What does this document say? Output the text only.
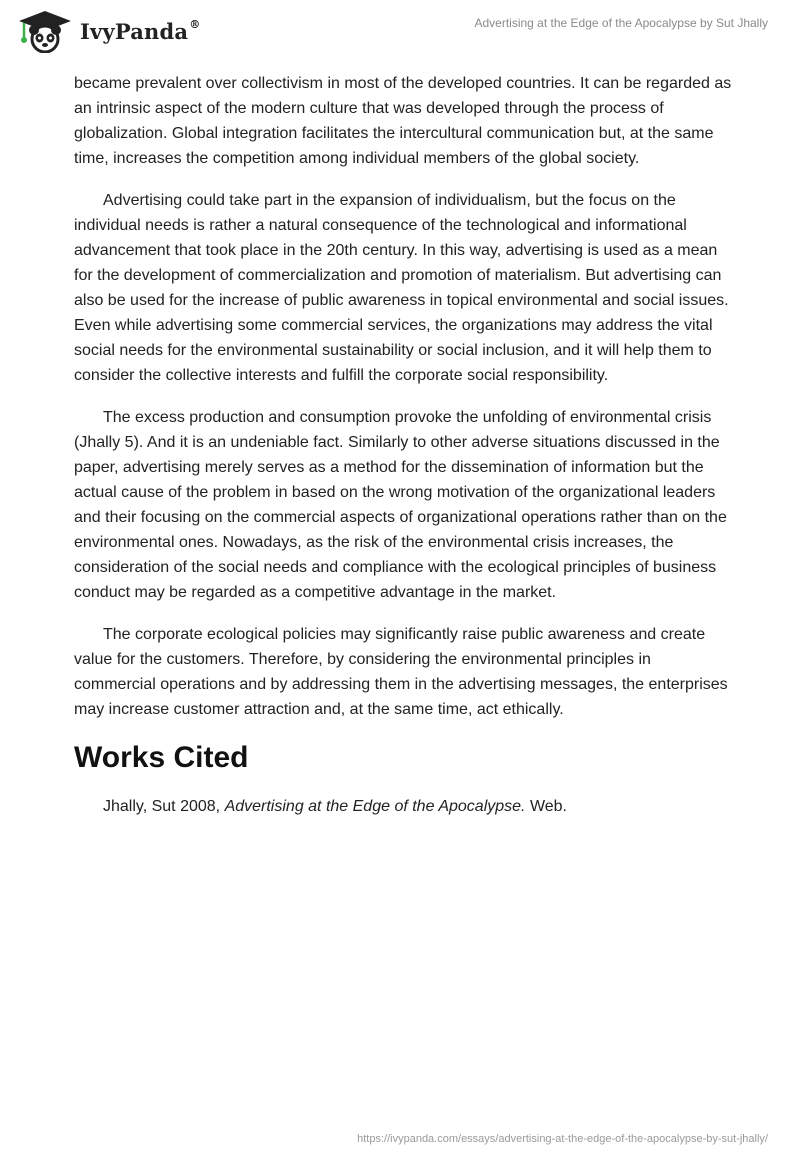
IvyPanda®	Advertising at the Edge of the Apocalypse by Sut Jhally

became prevalent over collectivism in most of the developed countries. It can be regarded as an intrinsic aspect of the modern culture that was developed through the process of globalization. Global integration facilitates the intercultural communication but, at the same time, increases the competition among individual members of the global society.

Advertising could take part in the expansion of individualism, but the focus on the individual needs is rather a natural consequence of the technological and informational advancement that took place in the 20th century. In this way, advertising is used as a mean for the development of commercialization and promotion of materialism. But advertising can also be used for the increase of public awareness in topical environmental and social issues. Even while advertising some commercial services, the organizations may address the vital social needs for the environmental sustainability or social inclusion, and it will help them to consider the collective interests and fulfill the corporate social responsibility.

The excess production and consumption provoke the unfolding of environmental crisis (Jhally 5). And it is an undeniable fact. Similarly to other adverse situations discussed in the paper, advertising merely serves as a method for the dissemination of information but the actual cause of the problem in based on the wrong motivation of the organizational leaders and their focusing on the commercial aspects of organizational operations rather than on the environmental ones. Nowadays, as the risk of the environmental crisis increases, the consideration of the social needs and compliance with the ecological principles of business conduct may be regarded as a competitive advantage in the market.

The corporate ecological policies may significantly raise public awareness and create value for the customers. Therefore, by considering the environmental principles in commercial operations and by addressing them in the advertising messages, the enterprises may increase customer attraction and, at the same time, act ethically.

Works Cited

Jhally, Sut 2008, Advertising at the Edge of the Apocalypse. Web.

https://ivypanda.com/essays/advertising-at-the-edge-of-the-apocalypse-by-sut-jhally/
